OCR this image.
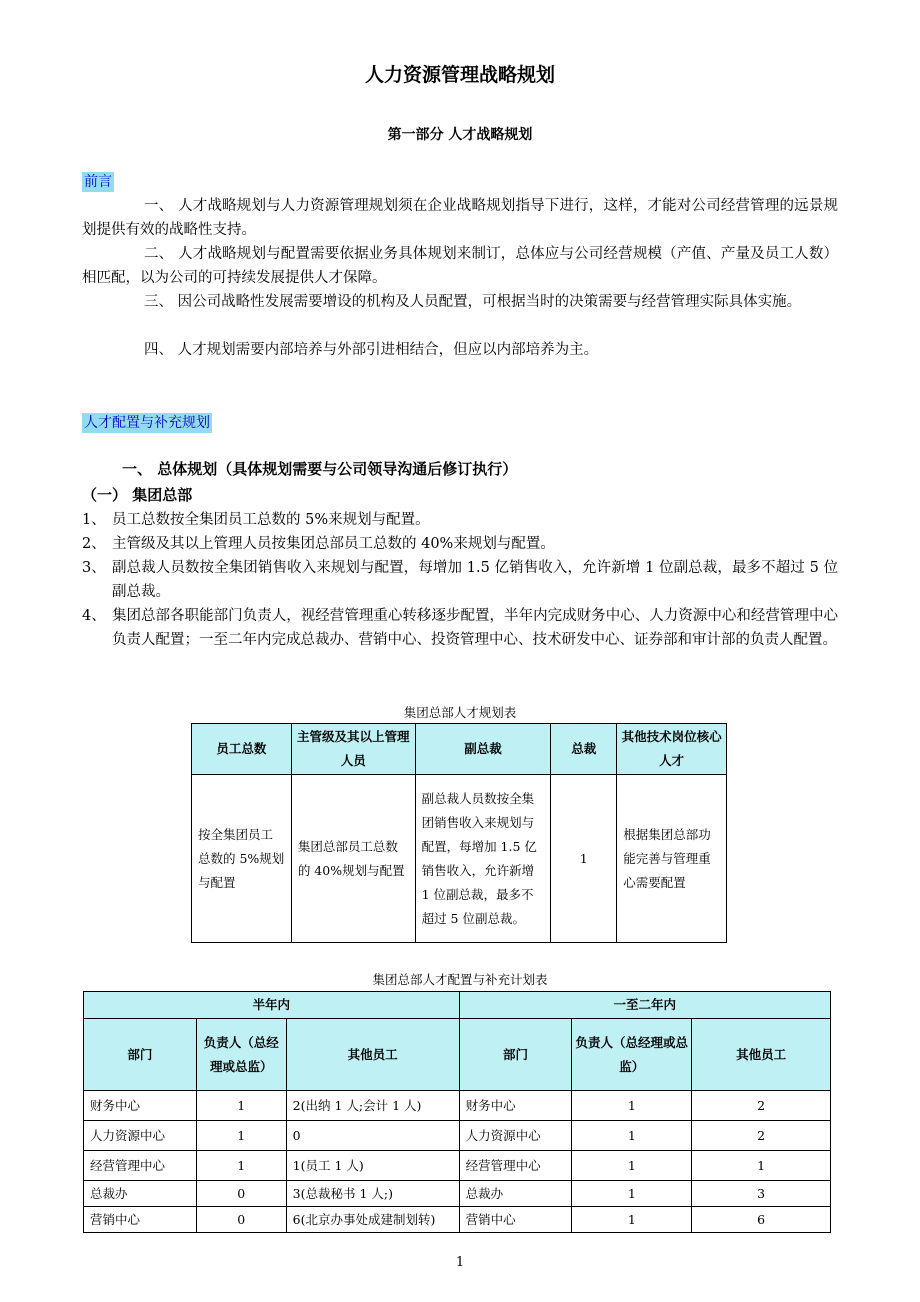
人力资源管理战略规划
第一部分 人才战略规划
前言

一、 人才战略规划与人力资源管理规划须在企业战略规划指导下进行，这样，才能对公司经营管理的远景规划提供有效的战略性支持。

二、 人才战略规划与配置需要依据业务具体规划来制订，总体应与公司经营规模（产值、产量及员工人数）相匹配，以为公司的可持续发展提供人才保障。

三、 因公司战略性发展需要增设的机构及人员配置，可根据当时的决策需要与经营管理实际具体实施。

四、 人才规划需要内部培养与外部引进相结合，但应以内部培养为主。

人才配置与补充规划

一、 总体规划（具体规划需要与公司领导沟通后修订执行）

（一） 集团总部

1、 员工总数按全集团员工总数的 5%来规划与配置。
2、 主管级及其以上管理人员按集团总部员工总数的 40%来规划与配置。
3、 副总裁人员数按全集团销售收入来规划与配置，每增加 1.5 亿销售收入，允许新增 1 位副总裁，最多不超过 5 位副总裁。
4、 集团总部各职能部门负责人，视经营管理重心转移逐步配置，半年内完成财务中心、人力资源中心和经营管理中心负责人配置；一至二年内完成总裁办、营销中心、投资管理中心、技术研发中心、证券部和审计部的负责人配置。
集团总部人才规划表
员工总数	主管级及其以上管理人员	副总裁	总裁	其他技术岗位核心人才
按全集团员工总数的 5%规划与配置	集团总部员工总数的 40%规划与配置	副总裁人员数按全集团销售收入来规划与配置，每增加 1.5 亿销售收入，允许新增 1 位副总裁，最多不超过 5 位副总裁。	1	根据集团总部功能完善与管理重心需要配置
集团总部人才配置与补充计划表
半年内			一至二年内		
部门	负责人（总经理或总监）	其他员工	部门	负责人（总经理或总监）	其他员工
财务中心	1	2(出纳 1 人;会计 1 人)	财务中心	1	2
人力资源中心	1	0	人力资源中心	1	2
经营管理中心	1	1(员工 1 人)	经营管理中心	1	1
总裁办	0	3(总裁秘书 1 人;)	总裁办	1	3
营销中心	0	6(北京办事处成建制划转)	营销中心	1	6
1
